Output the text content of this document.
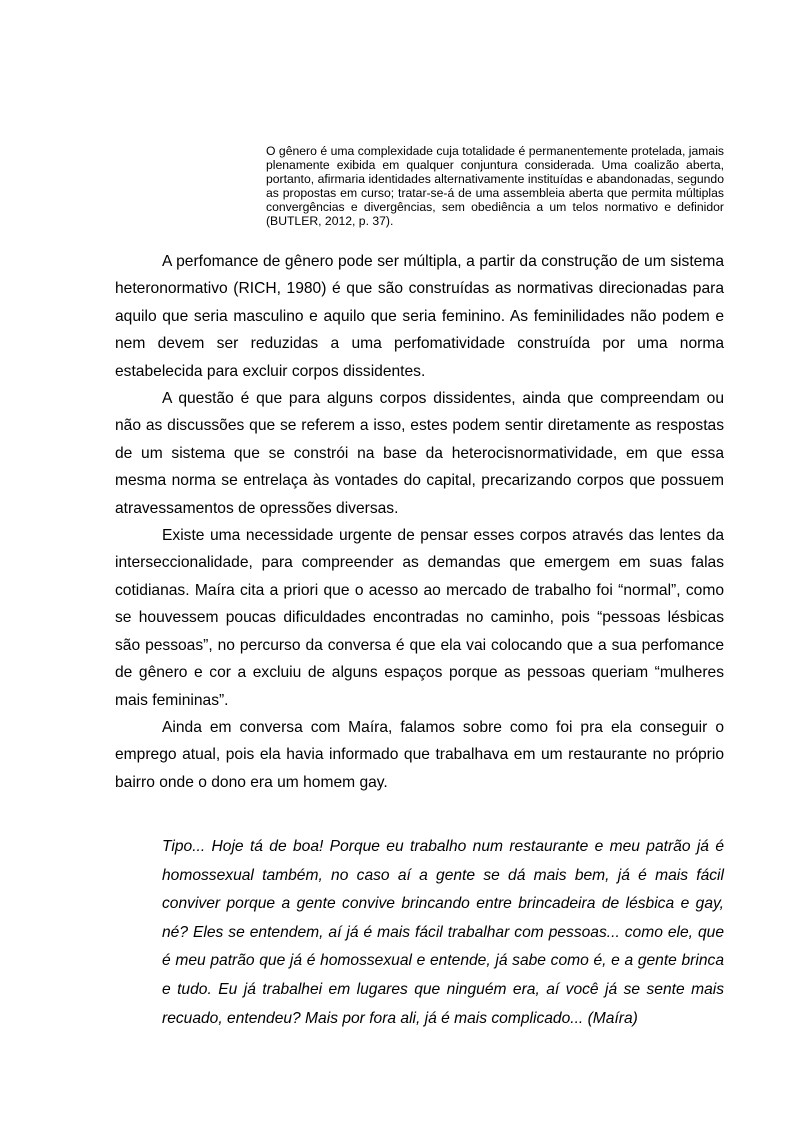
O gênero é uma complexidade cuja totalidade é permanentemente protelada, jamais plenamente exibida em qualquer conjuntura considerada. Uma coalizão aberta, portanto, afirmaria identidades alternativamente instituídas e abandonadas, segundo as propostas em curso; tratar-se-á de uma assembleia aberta que permita múltiplas convergências e divergências, sem obediência a um telos normativo e definidor (BUTLER, 2012, p. 37).

A perfomance de gênero pode ser múltipla, a partir da construção de um sistema heteronormativo (RICH, 1980) é que são construídas as normativas direcionadas para aquilo que seria masculino e aquilo que seria feminino. As feminilidades não podem e nem devem ser reduzidas a uma perfomatividade construída por uma norma estabelecida para excluir corpos dissidentes.

A questão é que para alguns corpos dissidentes, ainda que compreendam ou não as discussões que se referem a isso, estes podem sentir diretamente as respostas de um sistema que se constrói na base da heterocisnormatividade, em que essa mesma norma se entrelaça às vontades do capital, precarizando corpos que possuem atravessamentos de opressões diversas.

Existe uma necessidade urgente de pensar esses corpos através das lentes da interseccionalidade, para compreender as demandas que emergem em suas falas cotidianas. Maíra cita a priori que o acesso ao mercado de trabalho foi “normal”, como se houvessem poucas dificuldades encontradas no caminho, pois “pessoas lésbicas são pessoas”, no percurso da conversa é que ela vai colocando que a sua perfomance de gênero e cor a excluiu de alguns espaços porque as pessoas queriam “mulheres mais femininas”.

Ainda em conversa com Maíra, falamos sobre como foi pra ela conseguir o emprego atual, pois ela havia informado que trabalhava em um restaurante no próprio bairro onde o dono era um homem gay.

Tipo... Hoje tá de boa! Porque eu trabalho num restaurante e meu patrão já é homossexual também, no caso aí a gente se dá mais bem, já é mais fácil conviver porque a gente convive brincando entre brincadeira de lésbica e gay, né? Eles se entendem, aí já é mais fácil trabalhar com pessoas... como ele, que é meu patrão que já é homossexual e entende, já sabe como é, e a gente brinca e tudo. Eu já trabalhei em lugares que ninguém era, aí você já se sente mais recuado, entendeu? Mais por fora ali, já é mais complicado... (Maíra)
